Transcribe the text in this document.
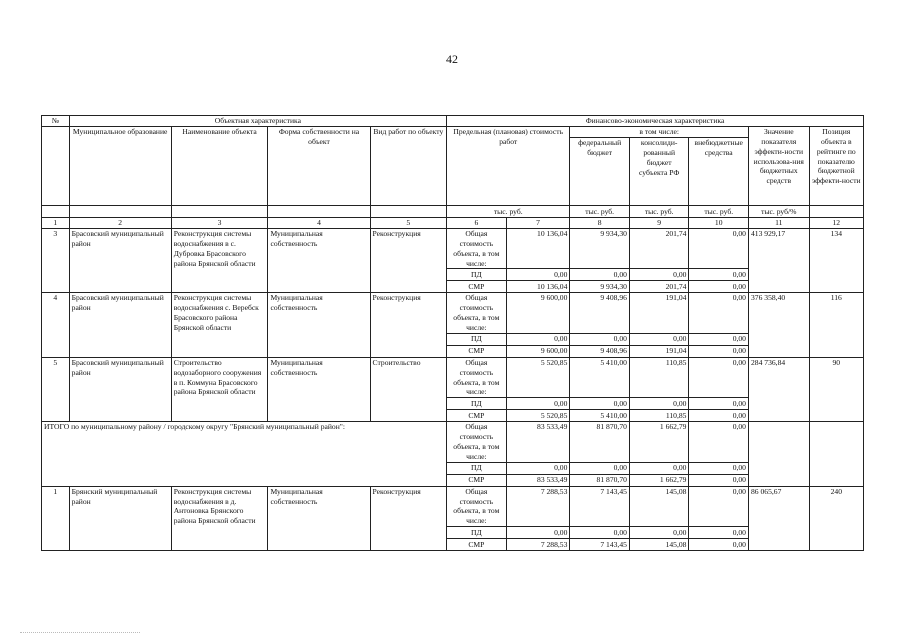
42
№	Объектная характеристика				Финансово-экономическая характеристика						
	Муниципальное образование	Наименование объекта	Форма собственности на объект	Вид работ по объекту	Предельная (плановая) стоимость работ		в том числе:			Значение показателя эффекти-ности использова-ния бюджетных средств	Позиция объекта в рейтинге по показателю бюджетной эффекти-ности
							федеральный бюджет	консолиди-рованный бюджет субъекта РФ	внебюджетные средства		
					тыс. руб.		тыс. руб.	тыс. руб.	тыс. руб.	тыс. руб/%	
1	2	3	4	5	6	7	8	9	10	11	12
3	Брасовский муниципальный район	Реконструкция системы водоснабжения в с. Дубровка Брасовского района Брянской области	Муниципальная собственность	Реконструкция	Общая стоимость объекта, в том числе:	10 136,04	9 934,30	201,74	0,00	413 929,17	134
					ПД	0,00	0,00	0,00	0,00		
					СМР	10 136,04	9 934,30	201,74	0,00		
4	Брасовский муниципальный район	Реконструкция системы водоснабжения с. Веребск Брасовского района Брянской области	Муниципальная собственность	Реконструкция	Общая стоимость объекта, в том числе:	9 600,00	9 408,96	191,04	0,00	376 358,40	116
					ПД	0,00	0,00	0,00	0,00		
					СМР	9 600,00	9 408,96	191,04	0,00		
5	Брасовский муниципальный район	Строительство водозаборного сооружения в п. Коммуна Брасовского района Брянской области	Муниципальная собственность	Строительство	Общая стоимость объекта, в том числе:	5 520,85	5 410,00	110,85	0,00	284 736,84	90
					ПД	0,00	0,00	0,00	0,00		
					СМР	5 520,85	5 410,00	110,85	0,00		
ИТОГО по муниципальному району / городскому округу "Брянский муниципальный район":					Общая стоимость объекта, в том числе:	83 533,49	81 870,70	1 662,79	0,00		
					ПД	0,00	0,00	0,00	0,00		
					СМР	83 533,49	81 870,70	1 662,79	0,00		
1	Брянский муниципальный район	Реконструкция системы водоснабжения в д. Антоновка Брянского района Брянской области	Муниципальная собственность	Реконструкция	Общая стоимость объекта, в том числе:	7 288,53	7 143,45	145,08	0,00	86 065,67	240
					ПД	0,00	0,00	0,00	0,00		
					СМР	7 288,53	7 143,45	145,08	0,00		
